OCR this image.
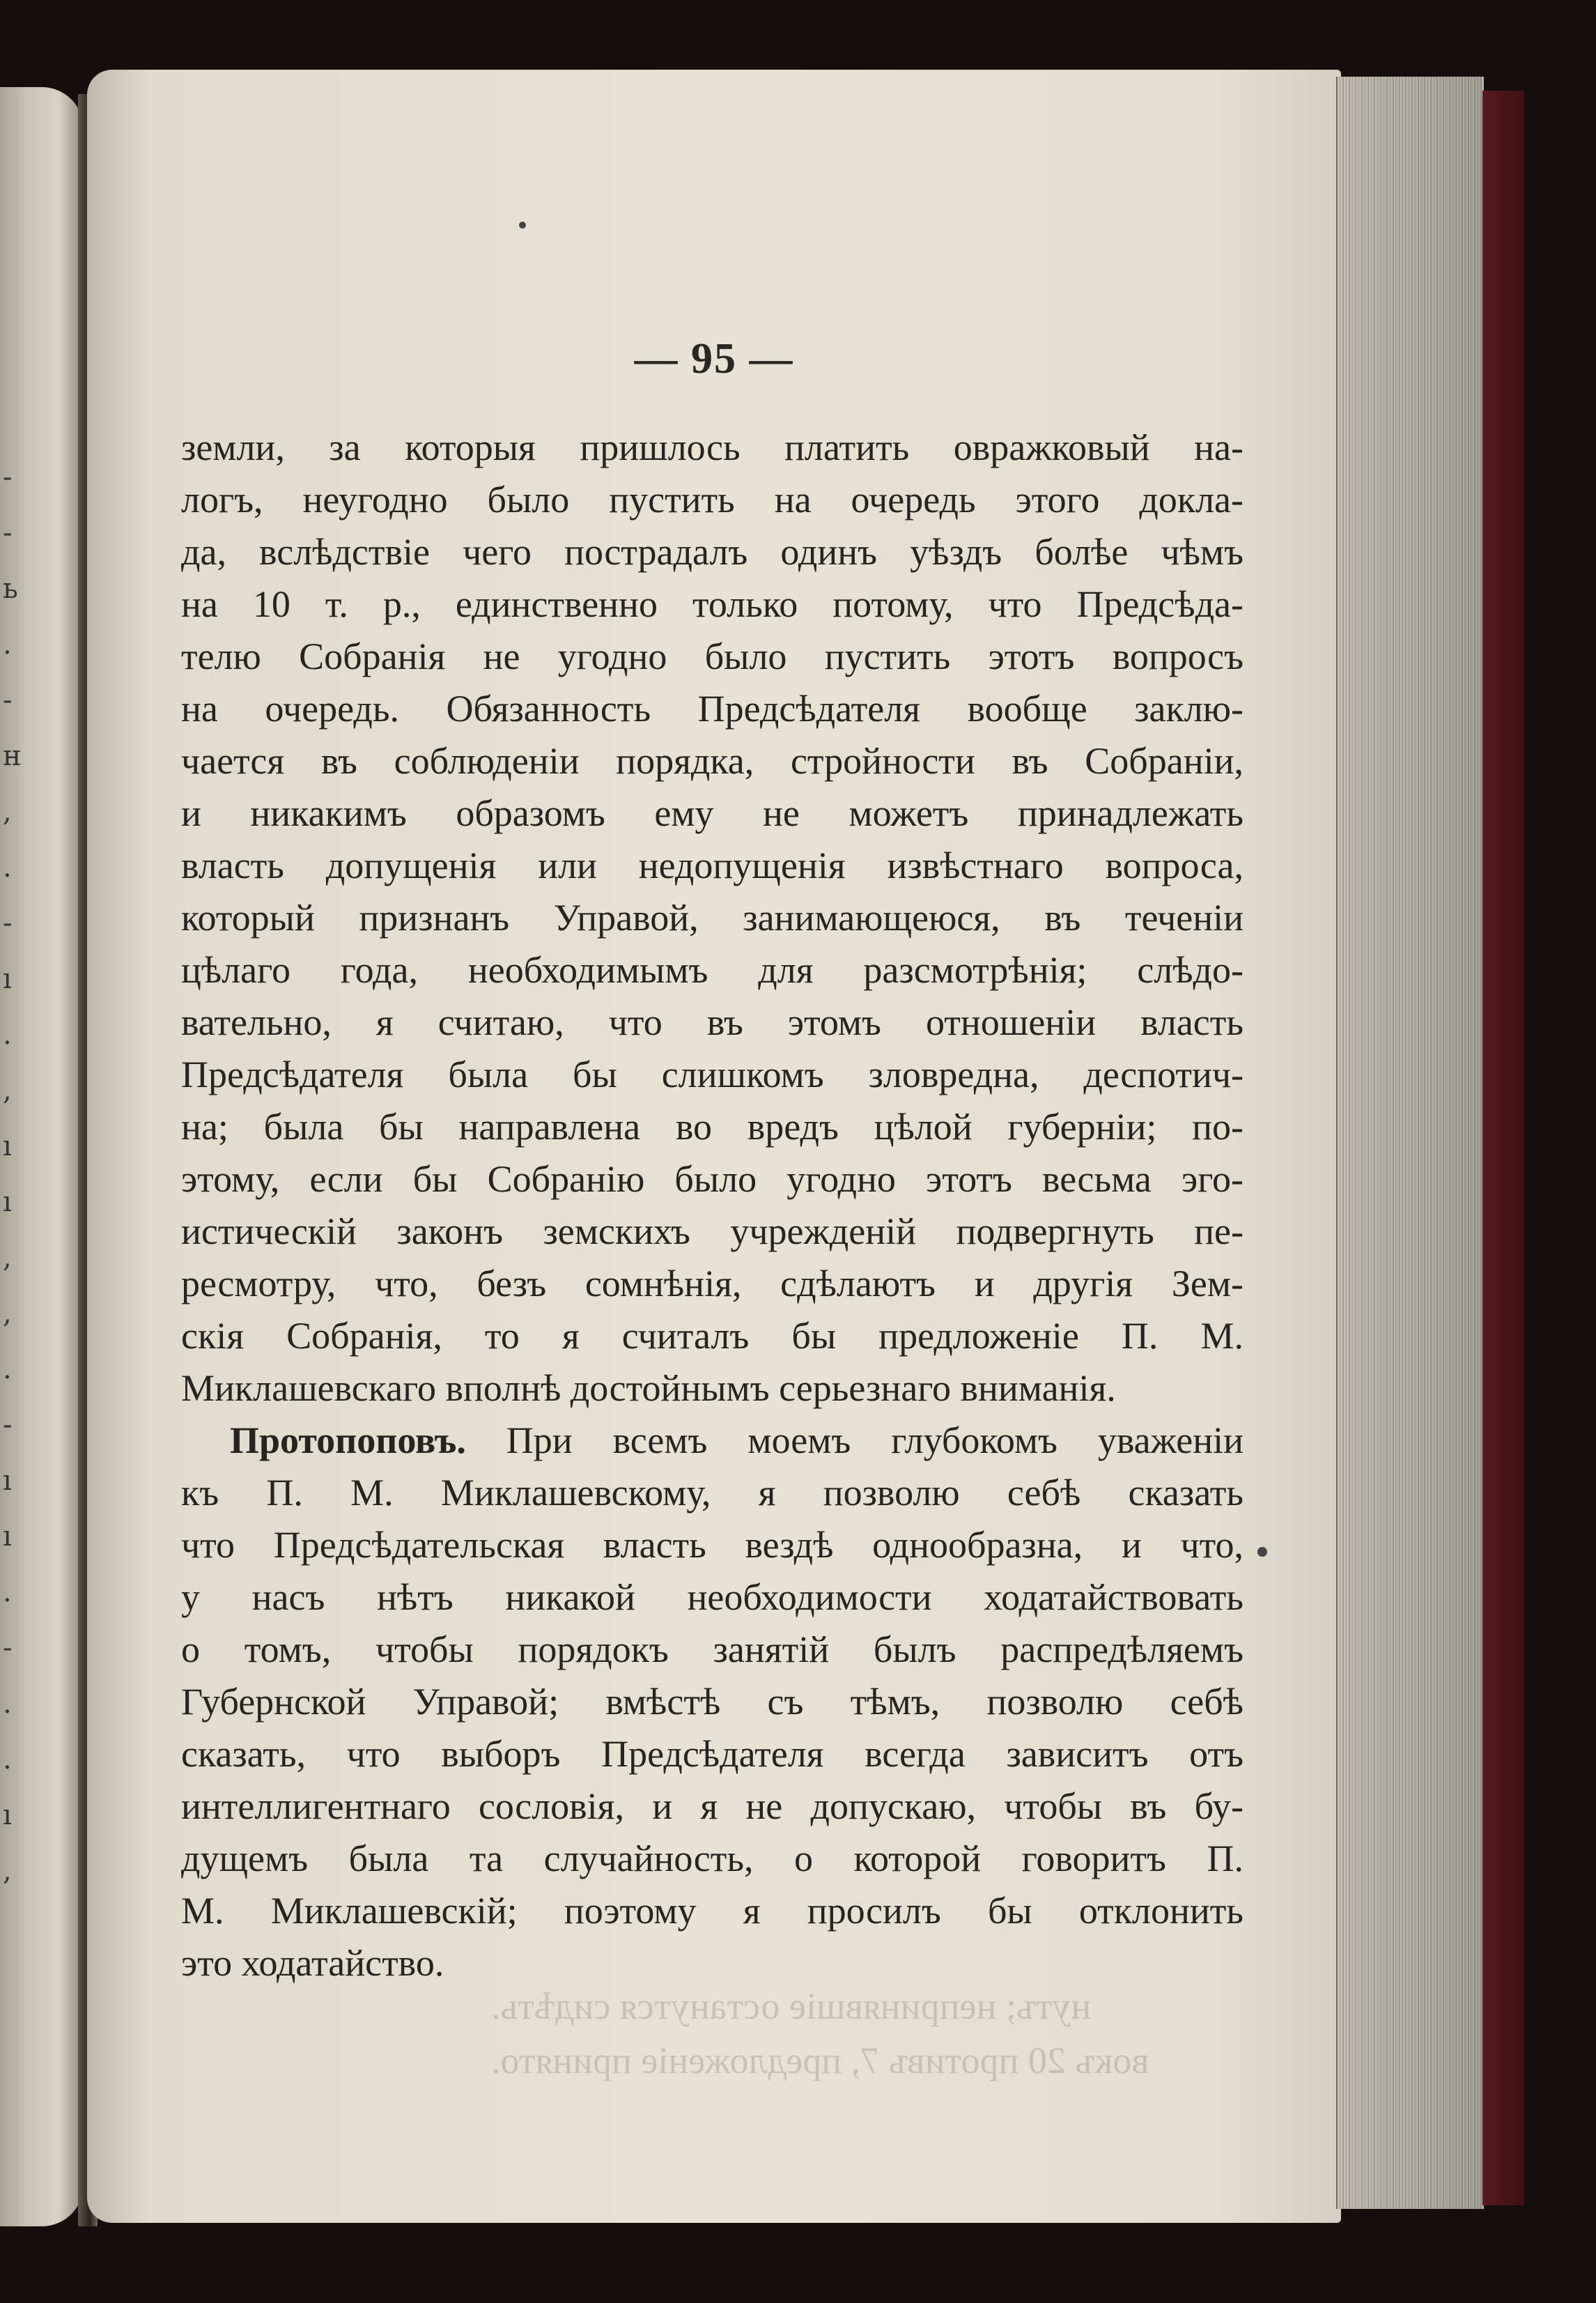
-
-
ь
.
-
н
,
.
-
ı
.
,
ı
ı
,
,
.
-
ı
ı
.
-
.
.
ı
,

нутъ; непринявшіе останутся сидѣть.
вокъ 20 противъ 7, предложеніе принято.

— 95 —

земли, за которыя пришлось платить овражковый на-
логъ, неугодно было пустить на очередь этого докла-
да, вслѣдствіе чего пострадалъ одинъ уѣздъ болѣе чѣмъ
на 10 т. р., единственно только потому, что Предсѣда-
телю Собранія не угодно было пустить этотъ вопросъ
на очередь. Обязанность Предсѣдателя вообще заклю-
чается въ соблюденіи порядка, стройности въ Собраніи,
и никакимъ образомъ ему не можетъ принадлежать
власть допущенія или недопущенія извѣстнаго вопроса,
который признанъ Управой, занимающеюся, въ теченіи
цѣлаго года, необходимымъ для разсмотрѣнія; слѣдо-
вательно, я считаю, что въ этомъ отношеніи власть
Предсѣдателя была бы слишкомъ зловредна, деспотич-
на; была бы направлена во вредъ цѣлой губерніи; по-
этому, если бы Собранію было угодно этотъ весьма эго-
истическій законъ земскихъ учрежденій подвергнуть пе-
ресмотру, что, безъ сомнѣнія, сдѣлаютъ и другія Зем-
скія Собранія, то я считалъ бы предложеніе П. М.
Миклашевскаго вполнѣ достойнымъ серьезнаго вниманія.
Протопоповъ. При всемъ моемъ глубокомъ уваженіи
къ П. М. Миклашевскому, я позволю себѣ сказать
что Предсѣдательская власть вездѣ однообразна, и что,
у насъ нѣтъ никакой необходимости ходатайствовать
о томъ, чтобы порядокъ занятій былъ распредѣляемъ
Губернской Управой; вмѣстѣ съ тѣмъ, позволю себѣ
сказать, что выборъ Предсѣдателя всегда зависитъ отъ
интеллигентнаго сословія, и я не допускаю, чтобы въ бу-
дущемъ была та случайность, о которой говоритъ П.
М. Миклашевскій; поэтому я просилъ бы отклонить
это ходатайство.
